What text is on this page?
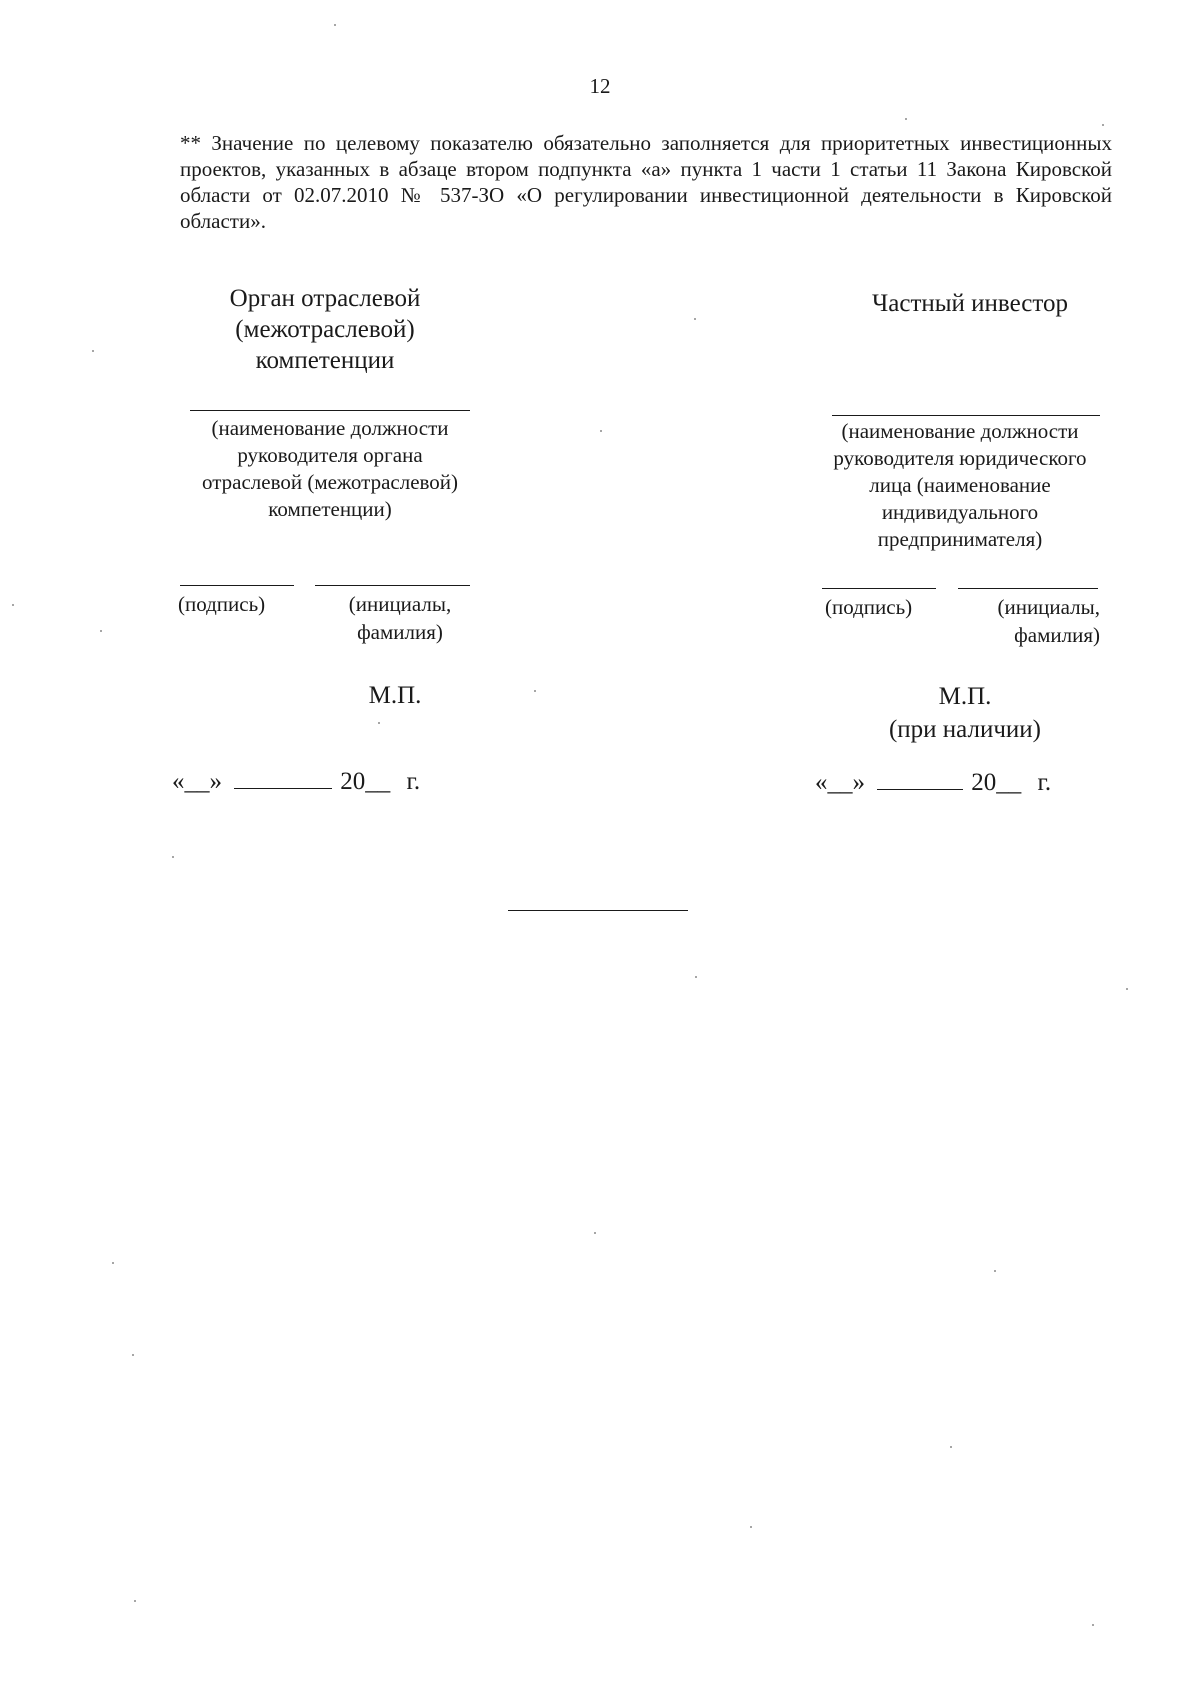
12
** Значение по целевому показателю обязательно заполняется для приоритетных инвестиционных проектов, указанных в абзаце втором подпункта «а» пункта 1 части 1 статьи 11 Закона Кировской области от 02.07.2010 № 537-ЗО «О регулировании инвестиционной деятельности в Кировской области».
Орган отраслевой
(межотраслевой)
компетенции
(наименование должности
руководителя органа
отраслевой (межотраслевой)
компетенции)
(подпись)	(инициалы,
фамилия)
М.П.
«__»	20__ г.
Частный инвестор
(наименование должности
руководителя юридического
лица (наименование
индивидуального
предпринимателя)
(подпись)	(инициалы,
фамилия)
М.П.
(при наличии)
«__»	20__ г.
